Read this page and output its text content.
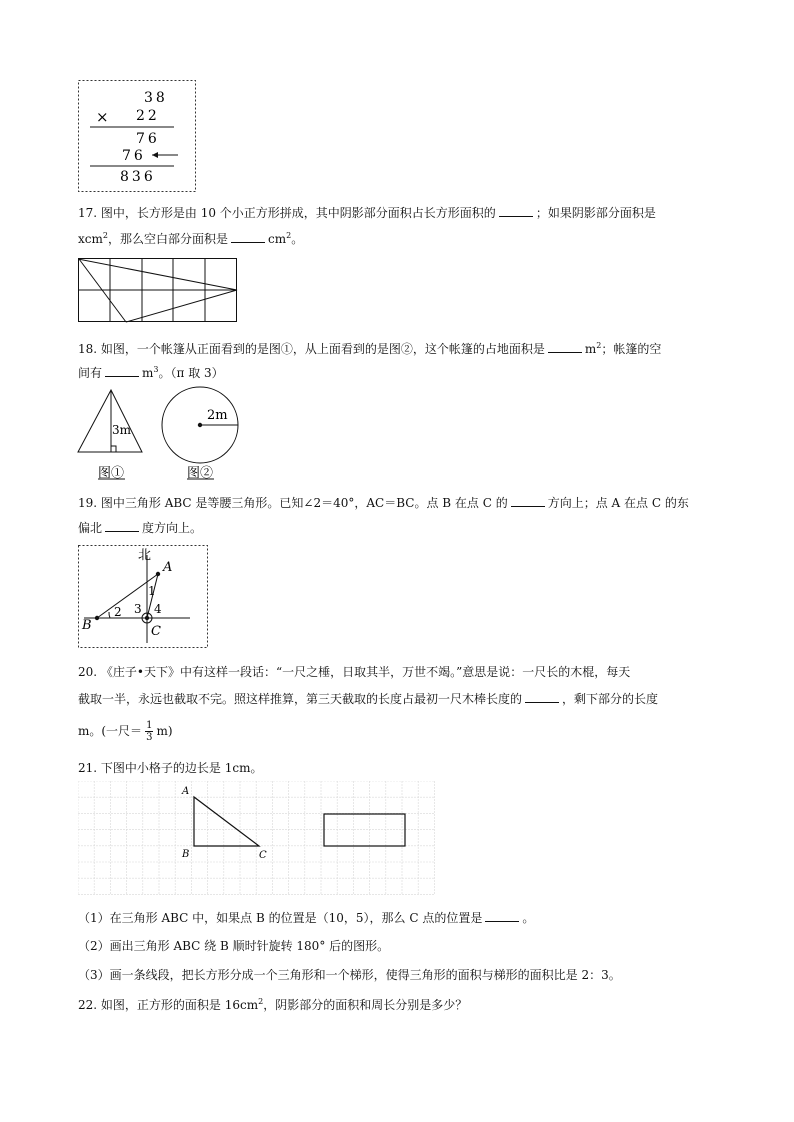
38
× 22
76
76
836
17. 图中，长方形是由 10 个小正方形拼成，其中阴影部分面积占长方形面积的	；如果阴影部分面积是
xcm$^2$，那么空白部分面积是	$cm^2$。
18. 如图，一个帐篷从正面看到的是图①，从上面看到的是图②，这个帐篷的占地面积是	$m^2$；帐篷的空
间有	$m^3$。（π 取 3）
3m
2m
图①	图②
19. 图中三角形 ABC 是等腰三角形。已知∠2＝40°，AC＝BC。点 B 在点 C 的	方向上；点 A 在点 C 的东
偏北	度方向上。
北
A
B	C
1
2 3 4
20. 《庄子•天下》中有这样一段话：“一尺之棰，日取其半，万世不竭。”意思是说：一尺长的木棍，每天
截取一半，永远也截取不完。照这样推算，第三天截取的长度占最初一尺木棒长度的	，剩下部分的长度
m。(一尺＝ $\frac{1}{3} m$)
21. 下图中小格子的边长是 1cm。
A
B	C
（1）在三角形 ABC 中，如果点 B 的位置是（10，5），那么 C 点的位置是	。
（2）画出三角形 ABC 绕 B 顺时针旋转 180° 后的图形。
（3）画一条线段，把长方形分成一个三角形和一个梯形，使得三角形的面积与梯形的面积比是 2：3。
22. 如图，正方形的面积是 $16cm^2$，阴影部分的面积和周长分别是多少？
